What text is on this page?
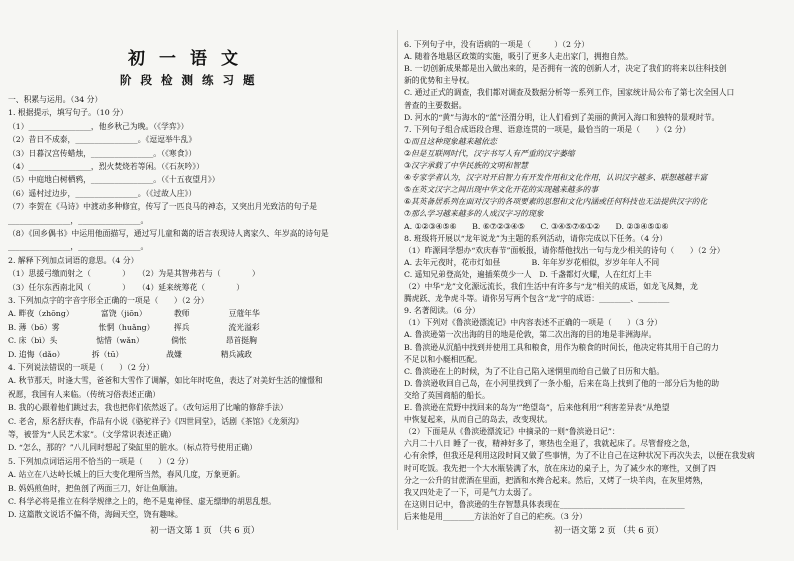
初一语文
阶段检测练习题
一、积累与运用。（34 分）
1. 根据提示，填写句子。（10 分）
（1）________________，他乡秋己为晚。（《学弈》）
（2）昔日不成泰，________________。《逗逗举牛乱》
（3）日暮汉宫传蜡烛，________________。（《寒食》）
（4）________________，烈火焚烧若等闲。（《石灰吟》）
（5）中庭地白树栖鸦，________________。（《十五夜望月》）
（6）遥村过边步，________________。（《过故人庄》）
（7）李贺在《马诗》中渡动多种修宜，传写了一匹良马的神态，又突出月光致洁的句子是
________________，________________。
（8）《回乡偶书》中运用他面描写，通过写儿童和蔼的语言表现诗人离家久、年岁高的诗句是
________________，________________。
2. 解释下列加点词语的意思。（4 分）
（1）思援弓缴而射之（　　　　）　　（2）为是其智弗若与（　　　　）
（3）任尔东西南北风（　　　　）　　（4）延来统筹花（　　　　）
3. 下列加点字的字音字形全正确的一项是（　　）（2 分）
A. 畔夜（zhōng）　　　　富饶（jiōn）　　　　教师　　　　　豆蔻年华
B. 薄（bō）雾　　　　　怅惘（huǎng）　　　挥兵　　　　　流光溢彩
C. 床（bì）头　　　　　惦惜（wǎn）　　　　倘怅　　　　　昂首挺胸
D. 追悔（dǎo）　　　　拆（tū）　　　　　　战嫌　　　　　精兵减政
4. 下列说法错误的一项是（　　）（2 分）
A. 秋节那天，时逢大雪，爸爸和大雪作了调解，如比年时吃鱼，表达了对美好生活的憧憬和
祝愿，我国有人来临。（传统习俗表述正确）
B. 我的心跟着他们跳过去，我也把你们依然返了。（改句运用了比喻的修辞手法）
C. 老舍，原名舒庆春，作品有小说《骆驼祥子》《四世同堂》，话剧《茶馆》《龙须沟》
等，被誉为“人民艺术家”。（文学常识表述正确）
D. “怎么，那的？”八儿同时想起了染缸里的脏水。（标点符号使用正确）
5. 下列加点词语运用不恰当的一项是（　　）（2 分）
A. 站立在八达岭长城上的巨大变化理所当然，春风几度，万象更新。
B. 妈妈煎鱼时，把鱼剖了两面三刀，好让鱼顺油。
C. 科学必将是推立在科学规律之上的，绝不是鬼神怪、虚无缥缈的胡思乱想。
D. 这篇散文说话不偏不倚，海阔天空，饶有趣味。
初一语文第 1 页 （共 6 页）
6. 下列句子中，没有语病的一项是（　　　）（2 分）
A. 随着各地悬区政策的实施，吸引了更多人走出家门，拥抱自然。
B. 一切创新成果都是出入做出来的，是否拥有一流的创新人才，决定了我们的将来以往科技创
新的优势和主导权。
C. 通过正式的调查，我们都对调查及数据分析等一系列工作，国家统计局公布了第七次全国人口
普查的主要数据。
D. 河水的“黄”与海水的“蓝”泾渭分明，让人们看到了美丽的黄河入海口和独特的景观时节。
7. 下列句子组合成语段合理、语意连贯的一项是，最恰当的一项是（　　）（2 分）
①而且这种现象越来越依恋
②但是互联网时代，汉字书写人有严重的汉字萎缩
③汉字承载了中华民族的文明和智慧
④专家学者认为，汉字对开启智力有开发作用和文化作用，认识汉字越多、联想越越丰富
⑤在英文汉字之间出现中华文化开花的实现越来越多的事
⑥其英备居系列在面对汉字的各项要素的思想和文化内涵或任何科技也无法提供汉字的化
⑦那么学习越来越多的人成汉字习的现象
A. ①②③④⑤⑥　　B. ⑥⑦②③④⑤　　C. ③④⑤⑦⑥①②　　D. ②③④⑤①⑥
8. 班级将开展以“龙年说龙”为主题的系列活动，请你完成以下任务。（4 分）
（1）昨源同学想办“欢庆春节”面板报，请你帮他找出一句与龙少相关的诗句（　　）（2 分）
A. 去年元夜时，花市灯如昼　　　　B. 年年岁岁花相似，岁岁年年人不同
C. 遥知兄弟登高处，遍插茱萸少一人　D. 千盏都灯火耀，人在红灯上丰
（2）中华“龙”文化源远流长，我们生活中有许多与“龙”相关的成语，如龙飞凤舞，龙
腾虎跃、龙争虎斗等。请你另写两个包含“龙”字的成语：________、________
9. 名著阅读。（6 分）
（1）下列对《鲁滨逊漂流记》中内容表述不正确的一项是（　　）（3 分）
A. 鲁滨逊第一次出海的目的地是伦敦，第二次出海的目的地是非洲海岸。
B. 鲁滨逊从沉船中找到并使用工具和粮食，用作为粮食的时间长，他决定将其用于自己的力
不足以和小艇相匹配。
C. 鲁滨逊在上的时候，为了不让自己陷入迷惘里而给自己做了日历和大船。
D. 鲁滨逊收回自己岛，在小河里找到了一条小船，后来在岛上找到了他的一部分后为他的助
交给了英国商船的船长。
E. 鲁滨逊在荒野中找回来的岛为‘”绝望岛”，后来他利用‘”利害差异表”从绝望
中恢复起来，从而自己的岛去，改变现状。
（2）下面是从《鲁滨逊漂流记》中摘录的一则“鲁滨逊日记”：
六月二十八日 睡了一夜，精神好多了，寒热也全退了，我就起床了。尽管督疫之急，
心有余悸，但我还是利用这段时间又做了些事情，为了不让自己在这种状况下再次失去，以便在我发病
时可吃饭。我先把一个大水瓶装满了水，放在床边的桌子上，为了减少水的寒性，又倒了四
分之一公升的甘蔗酒在里面，把酒和水搀合起来。然后，又烤了一块羊肉，在灰里烤熟，
我又四处走了一下，可是气力太弱了。
在这则日记中，鲁滨逊的生存智慧具体表现在________________________________
后来他是用________方法治好了自己的疟疾。（3 分）
初一语文第 2 页 （共 6 页）
